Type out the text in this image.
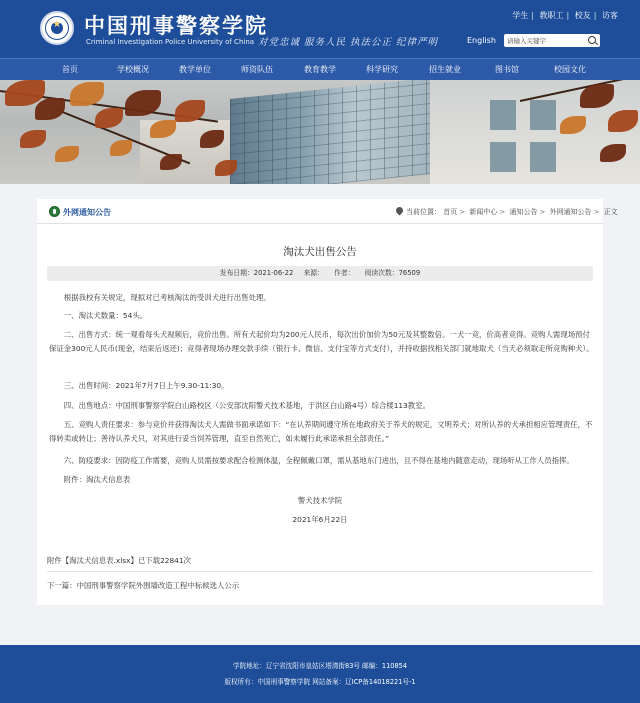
★ 中国刑事警察学院
Criminal Investigation Police University of China 对党忠诚 服务人民 执法公正 纪律严明
学生 | 教职工 | 校友 | 访客
English
请输入关键字
首页	学校概况	教学单位	师资队伍	教育教学	科学研究	招生就业	图书馆	校园文化
外网通知公告	当前位置： 首页 > 新闻中心 > 通知公告 > 外网通知公告 > 正文
淘汰犬出售公告
发布日期：2021-06-22 来源： 作者： 阅读次数：76509

根据我校有关规定，现拟对已考核淘汰的受训犬进行出售处理。

一、淘汰犬数量：54头。

二、出售方式：统一观看每头犬视频后，竞价出售。所有犬起价均为200元人民币，每次出价加价为50元及其整数倍。一犬一竞，价高者竞得。竞购人需现场预付保证金300元人民币(现金，结束后返还)；竞得者现场办理交款手续（银行卡、微信、支付宝等方式支付），并持收据找相关部门就地取犬（当天必须取走所竞购种犬）。

三、出售时间：2021年7月7日上午9.30-11:30。

四、出售地点：中国刑事警察学院白山路校区（公安部沈阳警犬技术基地，于洪区白山路4号）综合楼113教室。

五、竞购人责任要求：参与竞价并获得淘汰犬人需做书面承诺如下：“在认养期间遵守所在地政府关于养犬的规定，文明养犬；对所认养的犬承担相应管理责任，不得转卖或转让；善待认养犬只，对其进行妥当饲养管理，直至自然死亡，如未履行此承诺承担全部责任。”

六、防疫要求：因防疫工作需要，竞购人员需按要求配合检测体温，全程佩戴口罩，需从基地东门进出，且不得在基地内随意走动，现场听从工作人员指挥。

附件：淘汰犬信息表

警犬技术学院
2021年6月22日
附件【淘汰犬信息表.xlsx】已下载22841次
下一篇：中国刑事警察学院外围墙改造工程中标候选人公示
学院地址：辽宁省沈阳市皇姑区塔湾街83号 邮编：110854
版权所有：中国刑事警察学院 网站备案：辽ICP备14018221号-1
